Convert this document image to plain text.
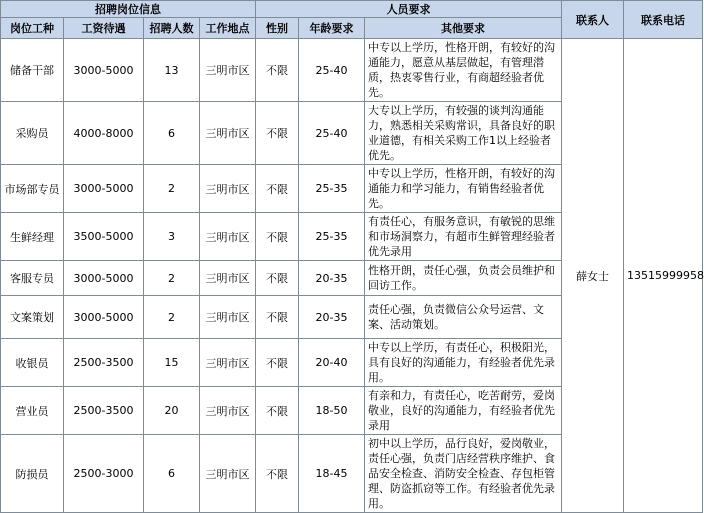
招聘岗位信息				人员要求			联系人	联系电话
岗位工种	工资待遇	招聘人数	工作地点	性别	年龄要求	其他要求		
储备干部	3000-5000	13	三明市区	不限	25-40	中专以上学历，性格开朗，有较好的沟通能力，愿意从基层做起，有管理潜质，热衷零售行业，有商超经验者优先。	薛女士	13515999958
采购员	4000-8000	6	三明市区	不限	25-40	大专以上学历，有较强的谈判沟通能力，熟悉相关采购常识，具备良好的职业道德，有相关采购工作1以上经验者优先。		
市场部专员	3000-5000	2	三明市区	不限	25-35	中专以上学历，性格开朗，有较好的沟通能力和学习能力，有销售经验者优先。		
生鲜经理	3500-5000	3	三明市区	不限	25-35	有责任心，有服务意识，有敏锐的思维和市场洞察力，有超市生鲜管理经验者优先录用		
客服专员	3000-5000	2	三明市区	不限	20-35	性格开朗，责任心强，负责会员维护和回访工作。		
文案策划	3000-5000	2	三明市区	不限	20-35	责任心强，负责微信公众号运营、文案、活动策划。		
收银员	2500-3500	15	三明市区	不限	20-40	中专以上学历，有责任心，积极阳光，具有良好的沟通能力，有经验者优先录用。		
营业员	2500-3500	20	三明市区	不限	18-50	有亲和力，有责任心，吃苦耐劳，爱岗敬业，良好的沟通能力，有经验者优先录用		
防损员	2500-3000	6	三明市区	不限	18-45	初中以上学历，品行良好，爱岗敬业，责任心强，负责门店经营秩序维护、食品安全检查、消防安全检查、存包柜管理、防盗抓窃等工作。有经验者优先录用。		
